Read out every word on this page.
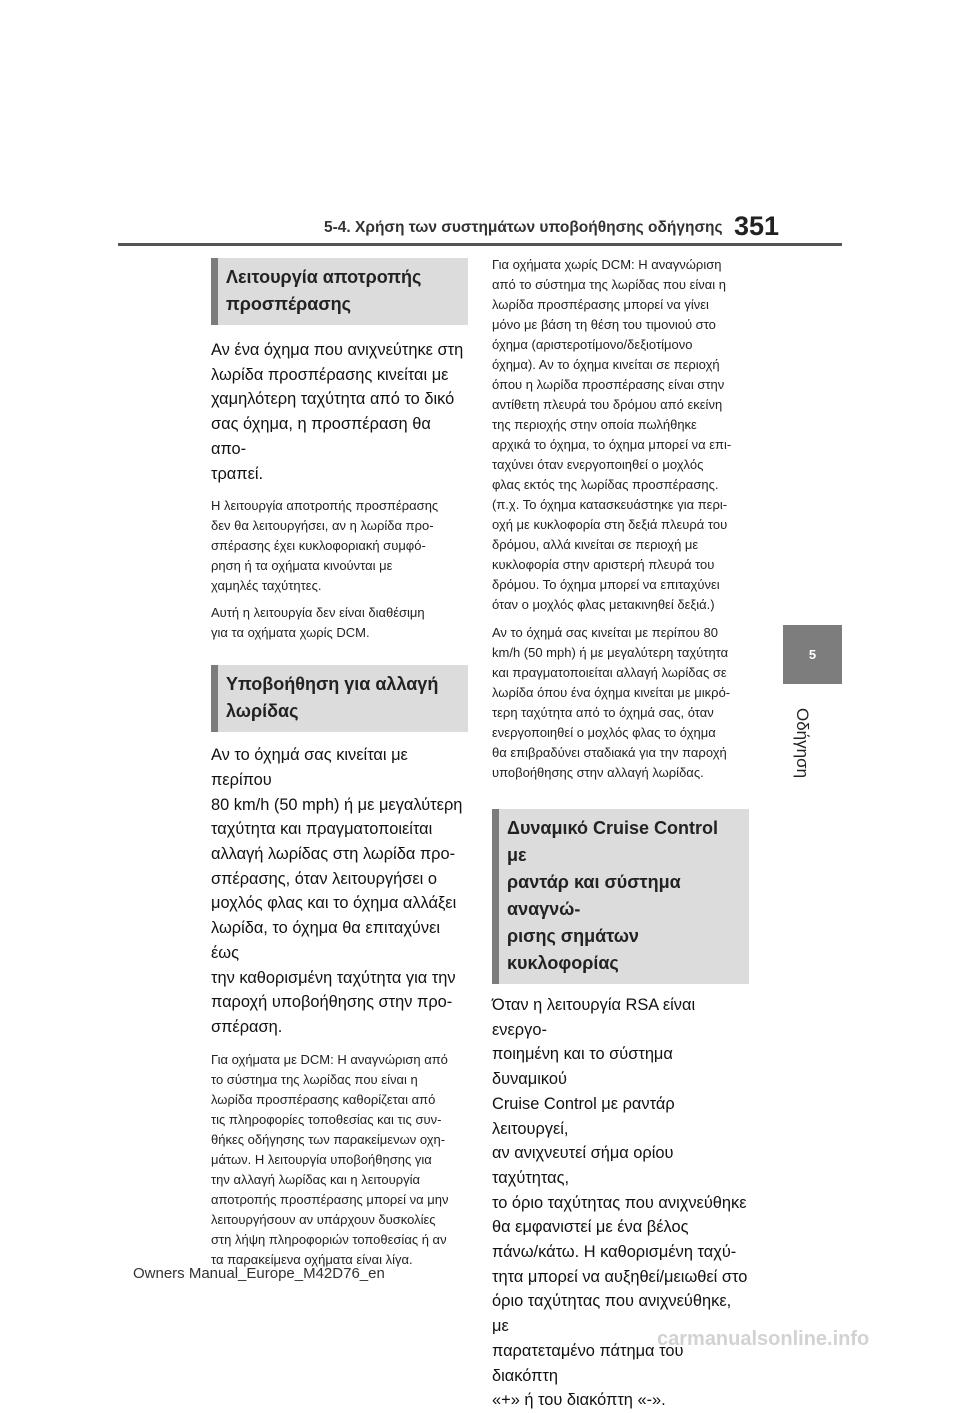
5-4. Χρήση των συστημάτων υποβοήθησης οδήγησης 351
Λειτουργία αποτροπής
προσπέρασης

Αν ένα όχημα που ανιχνεύτηκε στη

λωρίδα προσπέρασης κινείται με

χαμηλότερη ταχύτητα από το δικό

σας όχημα, η προσπέραση θα απο-

τραπεί.

Η λειτουργία αποτροπής προσπέρασης

δεν θα λειτουργήσει, αν η λωρίδα προ-

σπέρασης έχει κυκλοφοριακή συμφό-

ρηση ή τα οχήματα κινούνται με

χαμηλές ταχύτητες.

Αυτή η λειτουργία δεν είναι διαθέσιμη

για τα οχήματα χωρίς DCM.

Υποβοήθηση για αλλαγή
λωρίδας

Αν το όχημά σας κινείται με περίπου

80 km/h (50 mph) ή με μεγαλύτερη

ταχύτητα και πραγματοποιείται

αλλαγή λωρίδας στη λωρίδα προ-

σπέρασης, όταν λειτουργήσει ο

μοχλός φλας και το όχημα αλλάξει

λωρίδα, το όχημα θα επιταχύνει έως

την καθορισμένη ταχύτητα για την

παροχή υποβοήθησης στην προ-

σπέραση.

Για οχήματα με DCM: Η αναγνώριση από

το σύστημα της λωρίδας που είναι η

λωρίδα προσπέρασης καθορίζεται από

τις πληροφορίες τοποθεσίας και τις συν-

θήκες οδήγησης των παρακείμενων οχη-

μάτων. Η λειτουργία υποβοήθησης για

την αλλαγή λωρίδας και η λειτουργία

αποτροπής προσπέρασης μπορεί να μην

λειτουργήσουν αν υπάρχουν δυσκολίες

στη λήψη πληροφοριών τοποθεσίας ή αν

τα παρακείμενα οχήματα είναι λίγα.

Για οχήματα χωρίς DCM: Η αναγνώριση

από το σύστημα της λωρίδας που είναι η

λωρίδα προσπέρασης μπορεί να γίνει

μόνο με βάση τη θέση του τιμονιού στο

όχημα (αριστεροτίμονο/δεξιοτίμονο

όχημα). Αν το όχημα κινείται σε περιοχή

όπου η λωρίδα προσπέρασης είναι στην

αντίθετη πλευρά του δρόμου από εκείνη

της περιοχής στην οποία πωλήθηκε

αρχικά το όχημα, το όχημα μπορεί να επι-

ταχύνει όταν ενεργοποιηθεί ο μοχλός

φλας εκτός της λωρίδας προσπέρασης.

(π.χ. Το όχημα κατασκευάστηκε για περι-

οχή με κυκλοφορία στη δεξιά πλευρά του

δρόμου, αλλά κινείται σε περιοχή με

κυκλοφορία στην αριστερή πλευρά του

δρόμου. Το όχημα μπορεί να επιταχύνει

όταν ο μοχλός φλας μετακινηθεί δεξιά.)

Αν το όχημά σας κινείται με περίπου 80

km/h (50 mph) ή με μεγαλύτερη ταχύτητα

και πραγματοποιείται αλλαγή λωρίδας σε

λωρίδα όπου ένα όχημα κινείται με μικρό-

τερη ταχύτητα από το όχημά σας, όταν

ενεργοποιηθεί ο μοχλός φλας το όχημα

θα επιβραδύνει σταδιακά για την παροχή

υποβοήθησης στην αλλαγή λωρίδας.

Δυναμικό Cruise Control με
ραντάρ και σύστημα αναγνώ-
ρισης σημάτων κυκλοφορίας

Όταν η λειτουργία RSA είναι ενεργο-

ποιημένη και το σύστημα δυναμικού

Cruise Control με ραντάρ λειτουργεί,

αν ανιχνευτεί σήμα ορίου ταχύτητας,

το όριο ταχύτητας που ανιχνεύθηκε

θα εμφανιστεί με ένα βέλος

πάνω/κάτω. Η καθορισμένη ταχύ-

τητα μπορεί να αυξηθεί/μειωθεί στο

όριο ταχύτητας που ανιχνεύθηκε, με

παρατεταμένο πάτημα του διακόπτη

«+» ή του διακόπτη «-».

5
Οδήγηση
Owners Manual_Europe_M42D76_en
carmanualsonline.info
